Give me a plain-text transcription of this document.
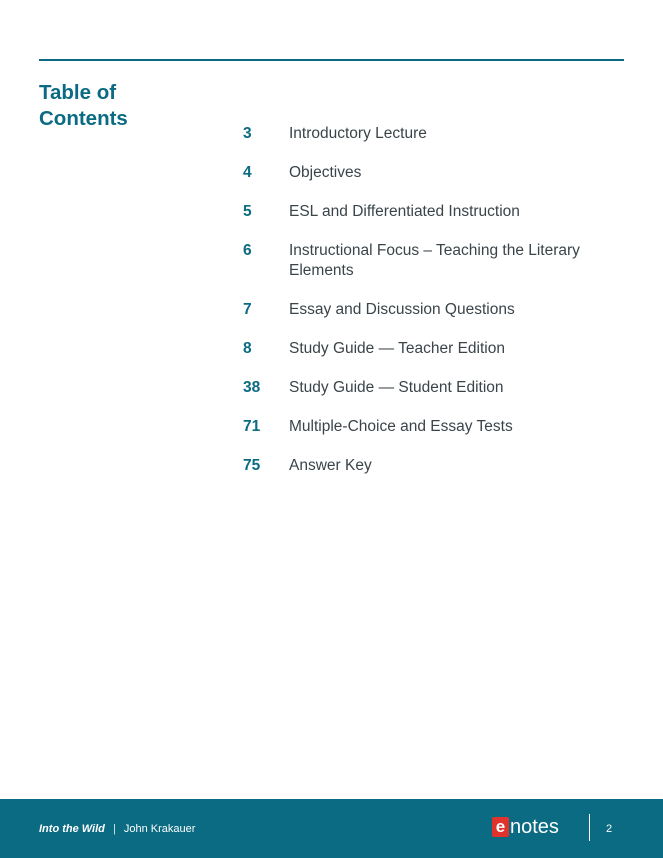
Table of Contents
3	Introductory Lecture
4	Objectives
5	ESL and Differentiated Instruction
6	Instructional Focus – Teaching the Literary Elements
7	Essay and Discussion Questions
8	Study Guide — Teacher Edition
38	Study Guide — Student Edition
71	Multiple-Choice and Essay Tests
75	Answer Key
Into the Wild | John Krakauer	e notes	2
